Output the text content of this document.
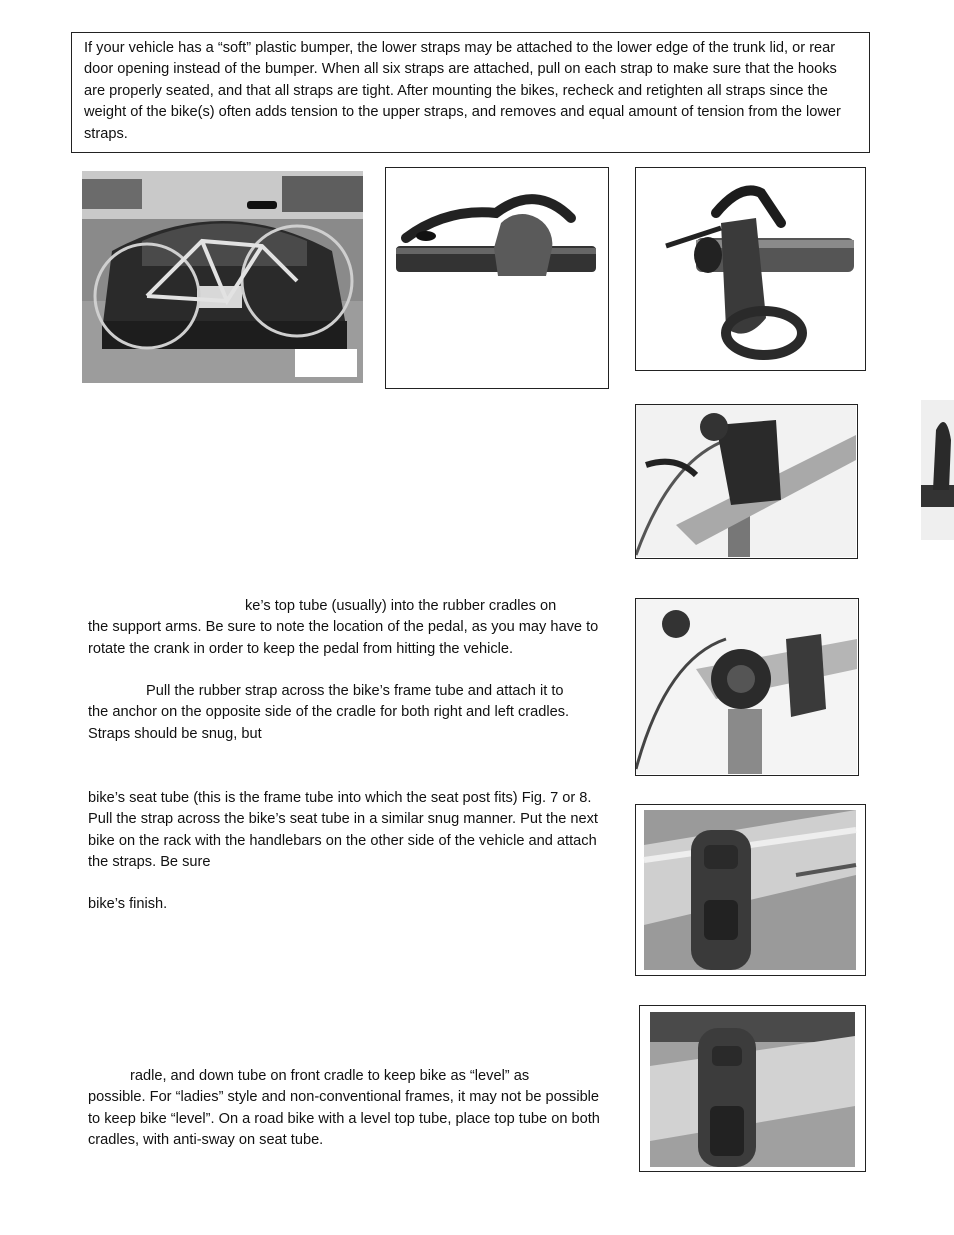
If your vehicle has a “soft” plastic bumper, the lower straps may be attached to the lower edge of the trunk lid, or rear door opening instead of the bumper. When all six straps are attached, pull on each strap to make sure that the hooks are properly seated, and that all straps are tight. After mounting the bikes, recheck and retighten all straps since the weight of the bike(s) often adds tension to the upper straps, and removes and equal amount of tension from the lower straps.
ke’s top tube (usually) into the rubber cradles on
the support arms. Be sure to note the location of the pedal, as you may have to rotate the crank in order to keep the pedal from hitting the vehicle.
Pull the rubber strap across the bike’s frame tube and attach it to
the anchor on the opposite side of the cradle for both right and left cradles. Straps should be snug, but
bike’s seat tube (this is the frame tube into which the seat post fits) Fig. 7 or 8. Pull the strap across the bike’s seat tube in a similar snug manner. Put the next bike on the rack with the handlebars on the other side of the vehicle and attach the straps. Be sure
bike’s finish.
radle, and down tube on front cradle to keep bike as “level” as
possible. For “ladies” style and non-conventional frames, it may not be possible to keep bike “level”. On a road bike with a level top tube, place top tube on both cradles, with anti-sway on seat tube.
